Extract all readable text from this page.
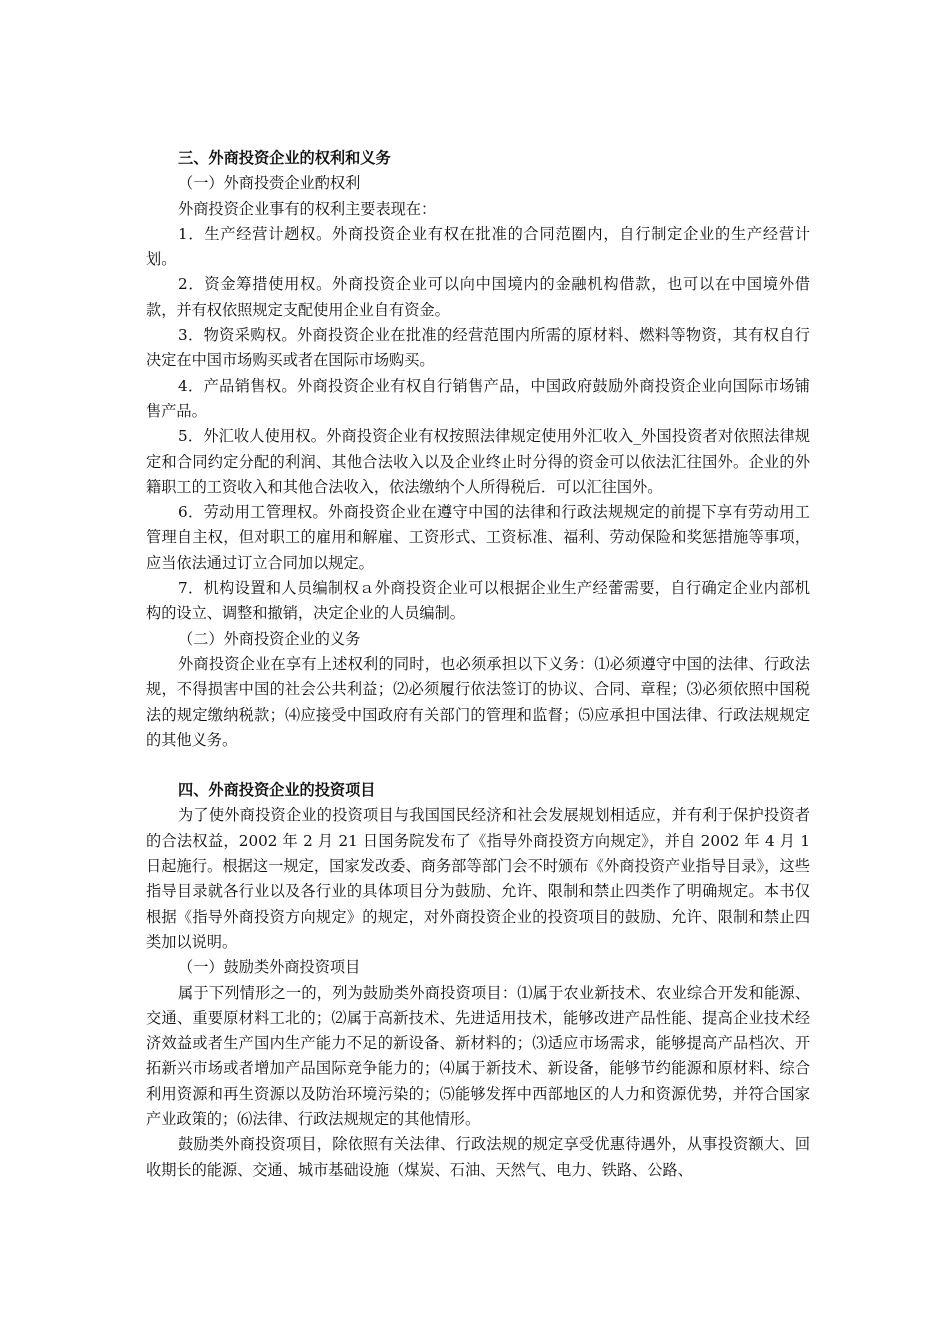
三、外商投资企业的权利和义务

（一）外商投赍企业酌权利

外商投资企业事有的权利主要表现在：

1．生产经营计趔权。外商投资企业有权在批准的合同范圈内，自行制定企业的生产经营计划。

2．资金筹措使用权。外商投资企业可以向中国境内的金融机构借款，也可以在中国境外借款，并有权依照规定支配使用企业自有资金。

3．物资采购权。外商投资企业在批准的经营范围内所需的原材料、燃料等物资，其有权自行决定在中国市场购买或者在国际市场购买。

4．产品销售权。外商投资企业有权自行销售产品，中国政府鼓励外商投资企业向国际市场铺售产品。

5．外汇收人使用权。外商投资企业有权按照法律规定使用外汇收入_外国投资者对依照法律规定和合同约定分配的利润、其他合法收入以及企业终止时分得的资金可以依法汇往国外。企业的外籍职工的工资收入和其他合法收入，依法缴纳个人所得税后．可以汇往国外。

6．劳动用工管理权。外商投资企业在遵守中国的法律和行政法规规定的前提下享有劳动用工管理自主权，但对职工的雇用和解雇、工资形式、工资标准、福利、劳动保险和奖惩措施等事项，应当依法通过订立合同加以规定。

7．机构设置和人员编制权ａ外商投资企业可以根据企业生产经蕾需要，自行确定企业内部机构的设立、调整和撤销，决定企业的人员编制。

（二）外商投资企业的义务

外商投资企业在享有上述权利的同时，也必须承担以下义务：⑴必须遵守中国的法律、行政法规，不得损害中国的社会公共利益；⑵必须履行依法签订的协议、合同、章程；⑶必须依照中国税法的规定缴纳税款；⑷应接受中国政府有关部门的管理和监督；⑸应承担中国法律、行政法规规定的其他义务。

四、外商投资企业的投资项目

为了使外商投资企业的投资项目与我国国民经济和社会发展规划相适应，并有利于保护投资者的合法权益，2002 年 2 月 21 日国务院发布了《指导外商投资方向规定》，并自 2002 年 4 月 1 日起施行。根据这一规定，国家发改委、商务部等部门会不时颁布《外商投资产业指导目录》，这些指导目录就各行业以及各行业的具体项目分为鼓励、允许、限制和禁止四类作了明确规定。本书仅根据《指导外商投资方向规定》的规定，对外商投资企业的投资项目的鼓励、允许、限制和禁止四类加以说明。

（一）鼓励类外商投资项目

属于下列情形之一的，列为鼓励类外商投资项目：⑴属于农业新技术、农业综合开发和能源、交通、重要原材料工北的；⑵属于高新技术、先进适用技术，能够改进产品性能、提高企业技术经济效益或者生产国内生产能力不足的新设备、新材料的；⑶适应市场需求，能够提高产品档次、开拓新兴市场或者增加产品国际竞争能力的；⑷属于新技术、新设备，能够节约能源和原材料、综合利用资源和再生资源以及防治环境污染的；⑸能够发挥中西部地区的人力和资源优势，并符合国家产业政策的；⑹法律、行政法规规定的其他情形。

鼓励类外商投资项目，除依照有关法律、行政法规的规定享受优惠待遇外，从事投资额大、回收期长的能源、交通、城市基础设施（煤炭、石油、天然气、电力、铁路、公路、
